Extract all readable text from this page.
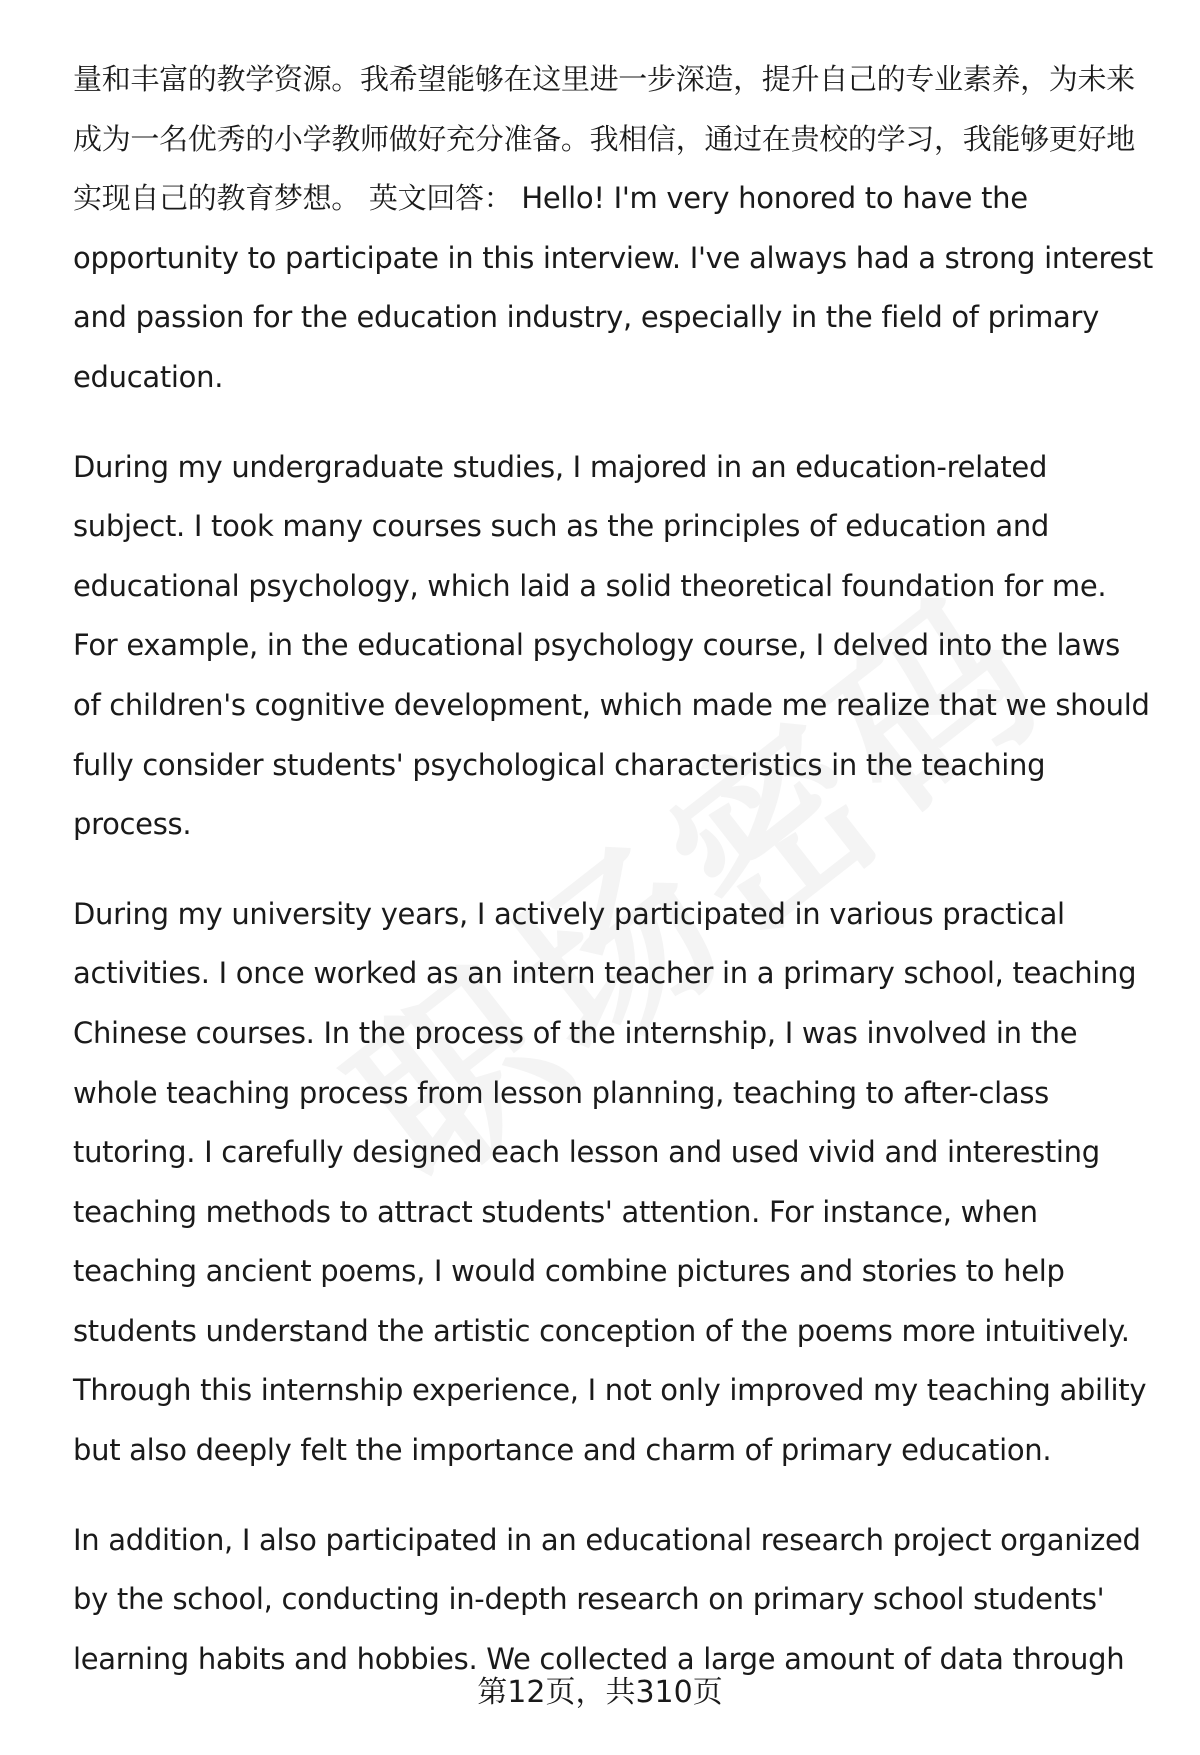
量和丰富的教学资源。我希望能够在这里进一步深造，提升自己的专业素养，为未来成为一名优秀的小学教师做好充分准备。我相信，通过在贵校的学习，我能够更好地实现自己的教育梦想。 英文回答： Hello! I'm very honored to have the opportunity to participate in this interview. I've always had a strong interest and passion for the education industry, especially in the field of primary education.

During my undergraduate studies, I majored in an education-related subject. I took many courses such as the principles of education and educational psychology, which laid a solid theoretical foundation for me. For example, in the educational psychology course, I delved into the laws of children's cognitive development, which made me realize that we should fully consider students' psychological characteristics in the teaching process.

During my university years, I actively participated in various practical activities. I once worked as an intern teacher in a primary school, teaching Chinese courses. In the process of the internship, I was involved in the whole teaching process from lesson planning, teaching to after-class tutoring. I carefully designed each lesson and used vivid and interesting teaching methods to attract students' attention. For instance, when teaching ancient poems, I would combine pictures and stories to help students understand the artistic conception of the poems more intuitively. Through this internship experience, I not only improved my teaching ability but also deeply felt the importance and charm of primary education.

In addition, I also participated in an educational research project organized by the school, conducting in-depth research on primary school students' learning habits and hobbies. We collected a large amount of data through

第12页，共310页
